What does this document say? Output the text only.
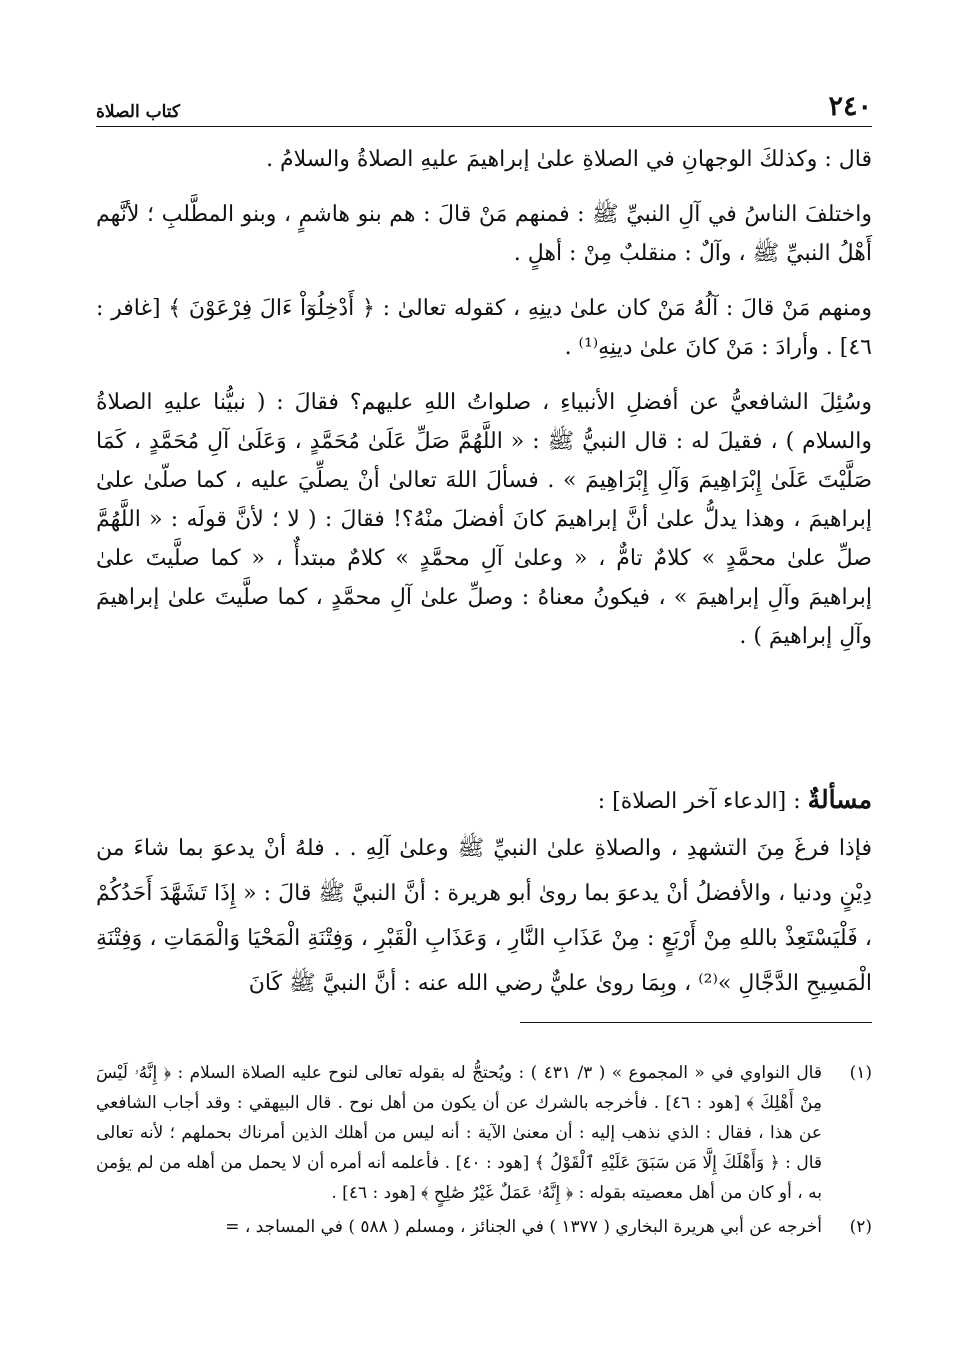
٢٤٠
كتاب الصلاة

قال : وكذلكَ الوجهانِ في الصلاةِ علىٰ إبراهيمَ عليهِ الصلاةُ والسلامُ .

واختلفَ الناسُ في آلِ النبيِّ ﷺ : فمنهم مَنْ قالَ : هم بنو هاشمٍ ، وبنو المطَّلبِ ؛ لأنَّهم أَهْلُ النبيِّ ﷺ ، وآلٌ : منقلبٌ مِنْ : أهلٍ .

ومنهم مَنْ قالَ : آلُهُ مَنْ كان علىٰ دينِهِ ، كقوله تعالىٰ : ﴿ أَدْخِلُوٓاْ ءَالَ فِرْعَوْنَ ﴾ [غافر : ٤٦] . وأرادَ : مَنْ كانَ علىٰ دينِهِ⁽¹⁾ .

وسُئِلَ الشافعيُّ عن أفضلِ الأنبياءِ ، صلواتُ اللهِ عليهم؟ فقالَ : ( نبيُّنا عليهِ الصلاةُ والسلام ) ، فقيلَ له : قال النبيُّ ﷺ : « اللَّهُمَّ صَلِّ عَلَىٰ مُحَمَّدٍ ، وَعَلَىٰ آلِ مُحَمَّدٍ ، كَمَا صَلَّيْتَ عَلَىٰ إِبْرَاهِيمَ وَآلِ إِبْرَاهِيمَ » . فسألَ اللهَ تعالىٰ أنْ يصلِّيَ عليه ، كما صلّىٰ علىٰ إبراهيمَ ، وهذا يدلُّ علىٰ أنَّ إبراهيمَ كانَ أفضلَ منْهُ؟! فقالَ : ( لا ؛ لأنَّ قولَه : « اللَّهُمَّ صلِّ علىٰ محمَّدٍ » كلامٌ تامٌّ ، « وعلىٰ آلِ محمَّدٍ » كلامٌ مبتدأٌ ، « كما صلَّيتَ علىٰ إبراهيمَ وآلِ إبراهيمَ » ، فيكونُ معناهُ : وصلِّ علىٰ آلِ محمَّدٍ ، كما صلَّيتَ علىٰ إبراهيمَ وآلِ إبراهيمَ ) .

مسألةٌ : [الدعاء آخر الصلاة] :
فإذا فرغَ مِنَ التشهدِ ، والصلاةِ علىٰ النبيِّ ﷺ وعلىٰ آلِهِ . . فلهُ أنْ يدعوَ بما شاءَ من دِيْنٍ ودنيا ، والأفضلُ أنْ يدعوَ بما روىٰ أبو هريرة : أنَّ النبيَّ ﷺ قالَ : « إِذَا تَشَهَّدَ أَحَدُكُمْ ، فَلْيَسْتَعِذْ باللهِ مِنْ أَرْبَعٍ : مِنْ عَذَابِ النَّارِ ، وَعَذَابِ الْقَبْرِ ، وَفِتْنَةِ الْمَحْيَا وَالْمَمَاتِ ، وَفِتْنَةِ الْمَسِيحِ الدَّجَّالِ »⁽²⁾ ، وبِمَا روىٰ عليٌّ رضي الله عنه : أنَّ النبيَّ ﷺ كَانَ
(١)
قال النواوي في « المجموع » ( ٣/ ٤٣١ ) : ويُحتجُّ له بقوله تعالى لنوح عليه الصلاة السلام : ﴿ إِنَّهُۥ لَيْسَ مِنْ أَهْلِكَ ﴾ [هود : ٤٦] . فأخرجه بالشرك عن أن يكون من أهل نوح . قال البيهقي : وقد أجاب الشافعي عن هذا ، فقال : الذي نذهب إليه : أن معنىٰ الآية : أنه ليس من أهلك الذين أمرناك بحملهم ؛ لأنه تعالى قال : ﴿ وَأَهْلَكَ إِلَّا مَن سَبَقَ عَلَيْهِ ٱلْقَوْلُ ﴾ [هود : ٤٠] . فأعلمه أنه أمره أن لا يحمل من أهله من لم يؤمن به ، أو كان من أهل معصيته بقوله : ﴿ إِنَّهُۥ عَمَلٌ غَيْرُ صَٰلِحٍ ﴾ [هود : ٤٦] .
(٢)
أخرجه عن أبي هريرة البخاري ( ١٣٧٧ ) في الجنائز ، ومسلم ( ٥٨٨ ) في المساجد ، =
